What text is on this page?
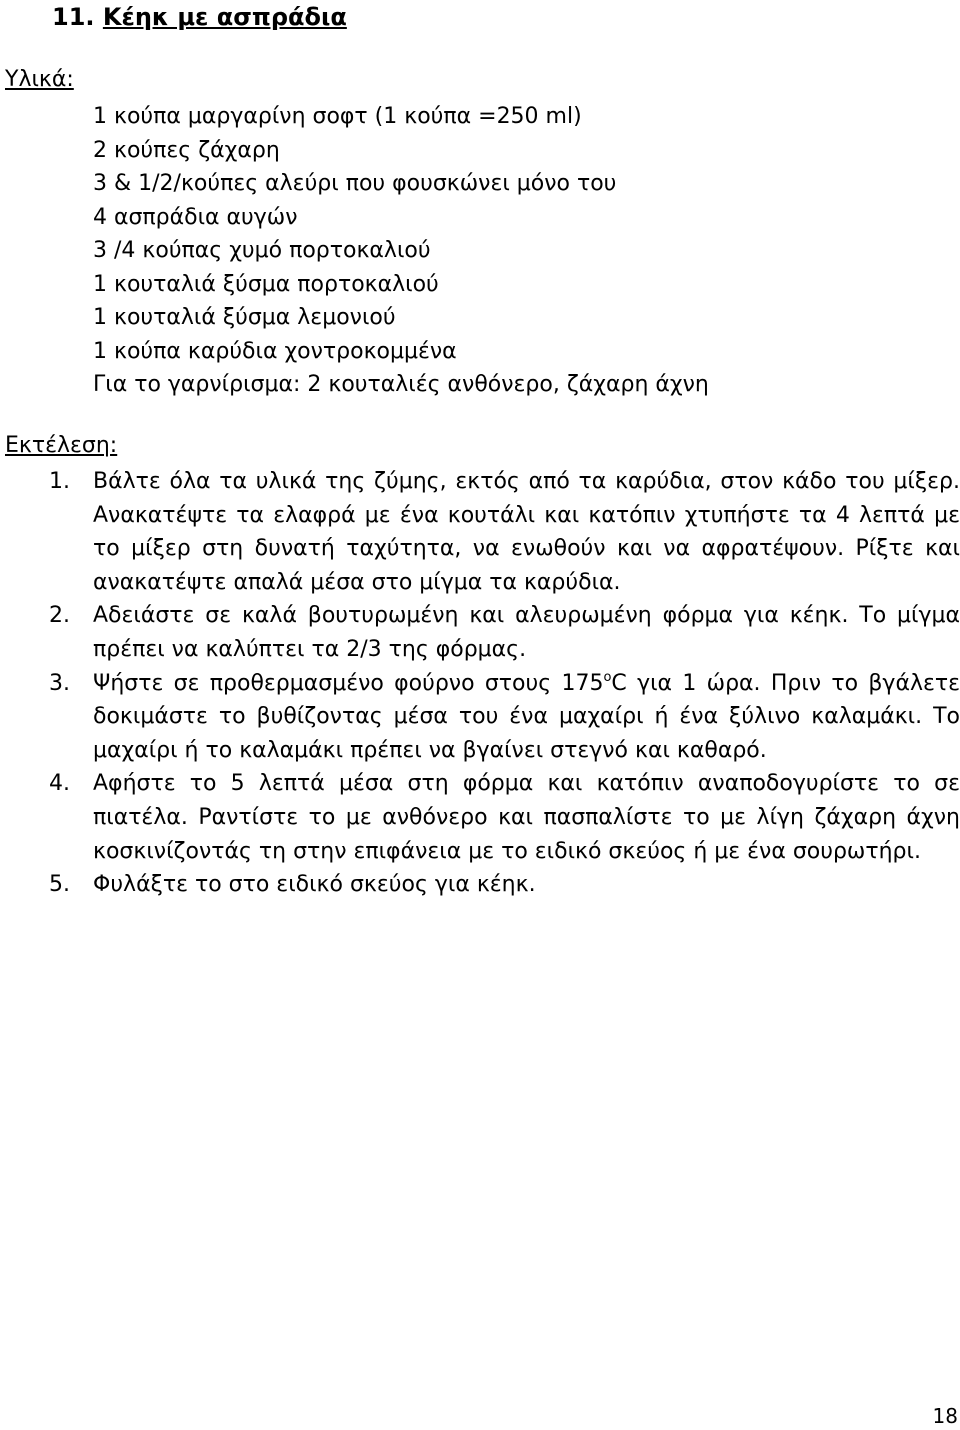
11. Κέηκ με ασπράδια
Υλικά:
1 κούπα μαργαρίνη σοφτ (1 κούπα =250 ml)
2 κούπες ζάχαρη
3 & 1/2/κούπες αλεύρι που φουσκώνει μόνο του
4 ασπράδια αυγών
3 /4 κούπας χυμό πορτοκαλιού
1 κουταλιά ξύσμα πορτοκαλιού
1 κουταλιά ξύσμα λεμονιού
1 κούπα καρύδια χοντροκομμένα
Για το γαρνίρισμα: 2 κουταλιές ανθόνερο, ζάχαρη άχνη
Εκτέλεση:
1. Βάλτε όλα τα υλικά της ζύμης, εκτός από τα καρύδια, στον κάδο του μίξερ. Ανακατέψτε τα ελαφρά με ένα κουτάλι και κατόπιν χτυπήστε τα 4 λεπτά με το μίξερ στη δυνατή ταχύτητα, να ενωθούν και να αφρατέψουν. Ρίξτε και ανακατέψτε απαλά μέσα στο μίγμα τα καρύδια.
2. Αδειάστε σε καλά βουτυρωμένη και αλευρωμένη φόρμα για κέηκ. Το μίγμα πρέπει να καλύπτει τα 2/3 της φόρμας.
3. Ψήστε σε προθερμασμένο φούρνο στους $175^oC$ για 1 ώρα. Πριν το βγάλετε δοκιμάστε το βυθίζοντας μέσα του ένα μαχαίρι ή ένα ξύλινο καλαμάκι. Το μαχαίρι ή το καλαμάκι πρέπει να βγαίνει στεγνό και καθαρό.
4. Αφήστε το 5 λεπτά μέσα στη φόρμα και κατόπιν αναποδογυρίστε το σε πιατέλα. Ραντίστε το με ανθόνερο και πασπαλίστε το με λίγη ζάχαρη άχνη κοσκινίζοντάς τη στην επιφάνεια με το ειδικό σκεύος ή με ένα σουρωτήρι.
5. Φυλάξτε το στο ειδικό σκεύος για κέηκ.
18
